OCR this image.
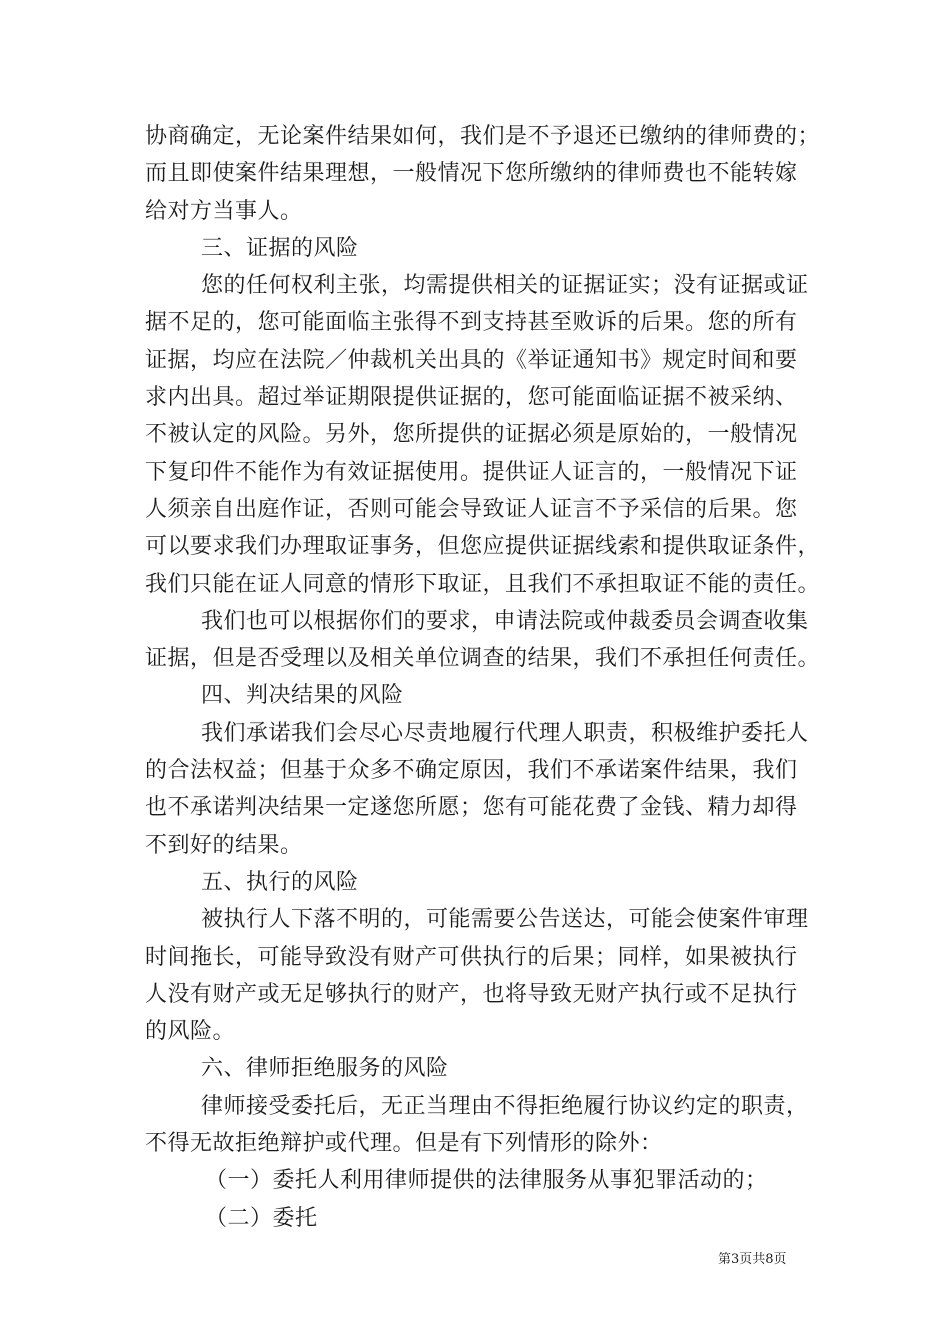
协商确定，无论案件结果如何，我们是不予退还已缴纳的律师费的；
而且即使案件结果理想，一般情况下您所缴纳的律师费也不能转嫁
给对方当事人。
三、证据的风险
您的任何权利主张，均需提供相关的证据证实；没有证据或证
据不足的，您可能面临主张得不到支持甚至败诉的后果。您的所有
证据，均应在法院／仲裁机关出具的《举证通知书》规定时间和要
求内出具。超过举证期限提供证据的，您可能面临证据不被采纳、
不被认定的风险。另外，您所提供的证据必须是原始的，一般情况
下复印件不能作为有效证据使用。提供证人证言的，一般情况下证
人须亲自出庭作证，否则可能会导致证人证言不予采信的后果。您
可以要求我们办理取证事务，但您应提供证据线索和提供取证条件，
我们只能在证人同意的情形下取证，且我们不承担取证不能的责任。
我们也可以根据你们的要求，申请法院或仲裁委员会调查收集
证据，但是否受理以及相关单位调查的结果，我们不承担任何责任。
四、判决结果的风险
我们承诺我们会尽心尽责地履行代理人职责，积极维护委托人
的合法权益；但基于众多不确定原因，我们不承诺案件结果，我们
也不承诺判决结果一定遂您所愿；您有可能花费了金钱、精力却得
不到好的结果。
五、执行的风险
被执行人下落不明的，可能需要公告送达，可能会使案件审理
时间拖长，可能导致没有财产可供执行的后果；同样，如果被执行
人没有财产或无足够执行的财产，也将导致无财产执行或不足执行
的风险。
六、律师拒绝服务的风险
律师接受委托后，无正当理由不得拒绝履行协议约定的职责，
不得无故拒绝辩护或代理。但是有下列情形的除外：
（一）委托人利用律师提供的法律服务从事犯罪活动的；
（二）委托
第3页共8页
